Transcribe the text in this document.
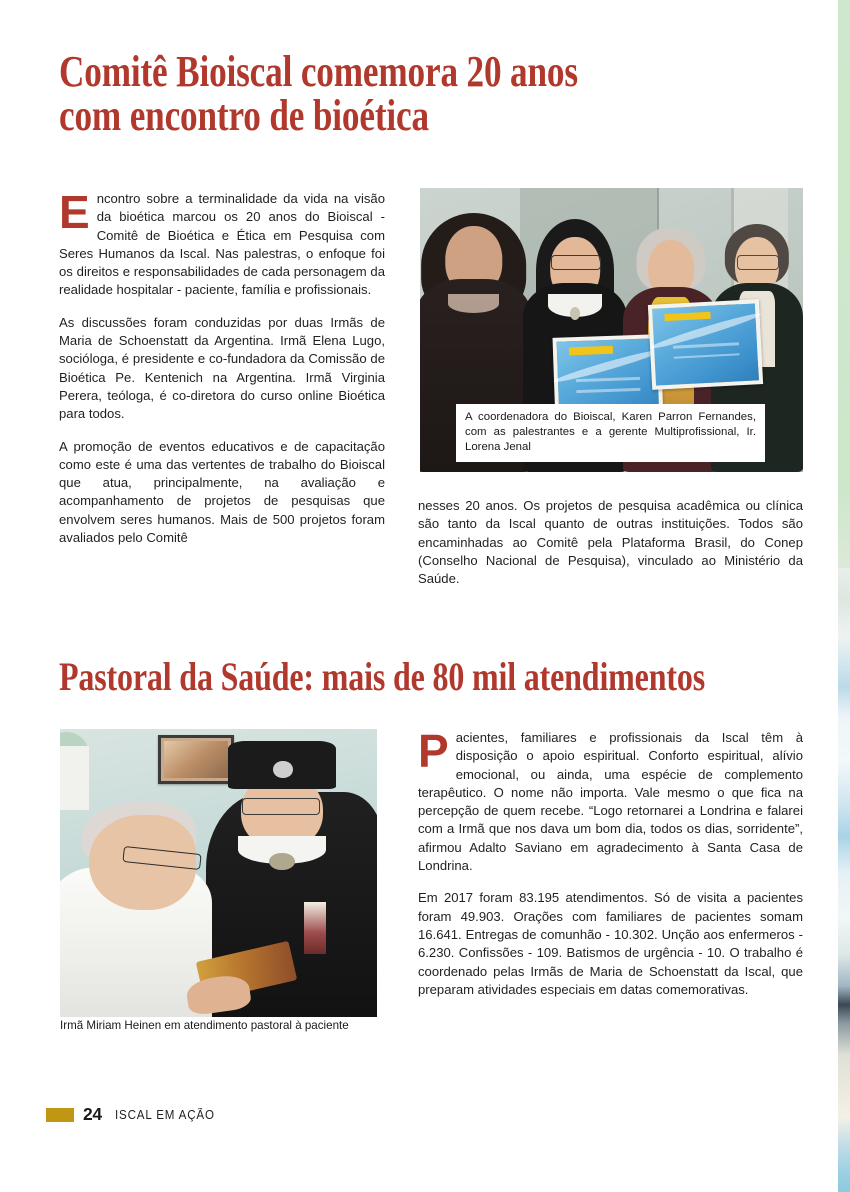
Comitê Bioiscal comemora 20 anos
com encontro de bioética

Encontro sobre a terminalidade da vida na visão da bioética marcou os 20 anos do Bioiscal - Comitê de Bioética e Ética em Pesquisa com Seres Humanos da Iscal. Nas palestras, o enfoque foi os direitos e responsabilidades de cada personagem da realidade hospitalar - paciente, família e profissionais.

As discussões foram conduzidas por duas Irmãs de Maria de Schoenstatt da Argentina. Irmã Elena Lugo, socióloga, é presidente e co-fundadora da Comissão de Bioética Pe. Kentenich na Argentina. Irmã Virginia Perera, teóloga, é co-diretora do curso online Bioética para todos.

A promoção de eventos educativos e de capacitação como este é uma das vertentes de trabalho do Bioiscal que atua, principalmente, na avaliação e acompanhamento de projetos de pesquisas que envolvem seres humanos. Mais de 500 projetos foram avaliados pelo Comitê

nesses 20 anos. Os projetos de pesquisa acadêmica ou clínica são tanto da Iscal quanto de outras instituições. Todos são encaminhadas ao Comitê pela Plataforma Brasil, do Conep (Conselho Nacional de Pesquisa), vinculado ao Ministério da Saúde.

A coordenadora do Bioiscal, Karen Parron Fernandes, com as palestrantes e a gerente Multiprofissional, Ir. Lorena Jenal
Pastoral da Saúde: mais de 80 mil atendimentos
Irmã Miriam Heinen em atendimento pastoral à paciente

Pacientes, familiares e profissionais da Iscal têm à disposição o apoio espiritual. Conforto espiritual, alívio emocional, ou ainda, uma espécie de complemento terapêutico. O nome não importa. Vale mesmo o que fica na percepção de quem recebe. “Logo retornarei a Londrina e falarei com a Irmã que nos dava um bom dia, todos os dias, sorridente”, afirmou Adalto Saviano em agradecimento à Santa Casa de Londrina.

Em 2017 foram 83.195 atendimentos. Só de visita a pacientes foram 49.903. Orações com familiares de pacientes somam 16.641. Entregas de comunhão - 10.302. Unção aos enfermeros - 6.230. Confissões - 109. Batismos de urgência - 10. O trabalho é coordenado pelas Irmãs de Maria de Schoenstatt da Iscal, que preparam atividades especiais em datas comemorativas.

24 ISCAL EM AÇÃO
